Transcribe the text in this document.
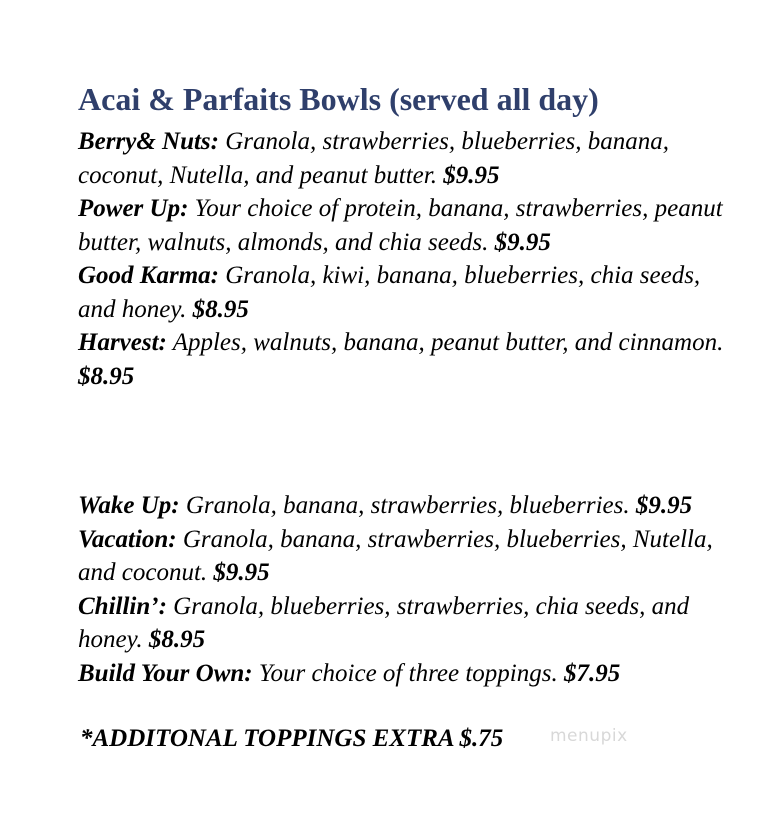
Acai & Parfaits Bowls (served all day)

Berry& Nuts: Granola, strawberries, blueberries, banana, coconut, Nutella, and peanut butter. $9.95

Power Up: Your choice of protein, banana, strawberries, peanut butter, walnuts, almonds, and chia seeds. $9.95

Good Karma: Granola, kiwi, banana, blueberries, chia seeds, and honey. $8.95

Harvest: Apples, walnuts, banana, peanut butter, and cinnamon. $8.95

Wake Up: Granola, banana, strawberries, blueberries. $9.95

Vacation: Granola, banana, strawberries, blueberries, Nutella, and coconut. $9.95

Chillin’: Granola, blueberries, strawberries, chia seeds, and honey. $8.95

Build Your Own: Your choice of three toppings. $7.95

*ADDITONAL TOPPINGS EXTRA $.75	menupix
